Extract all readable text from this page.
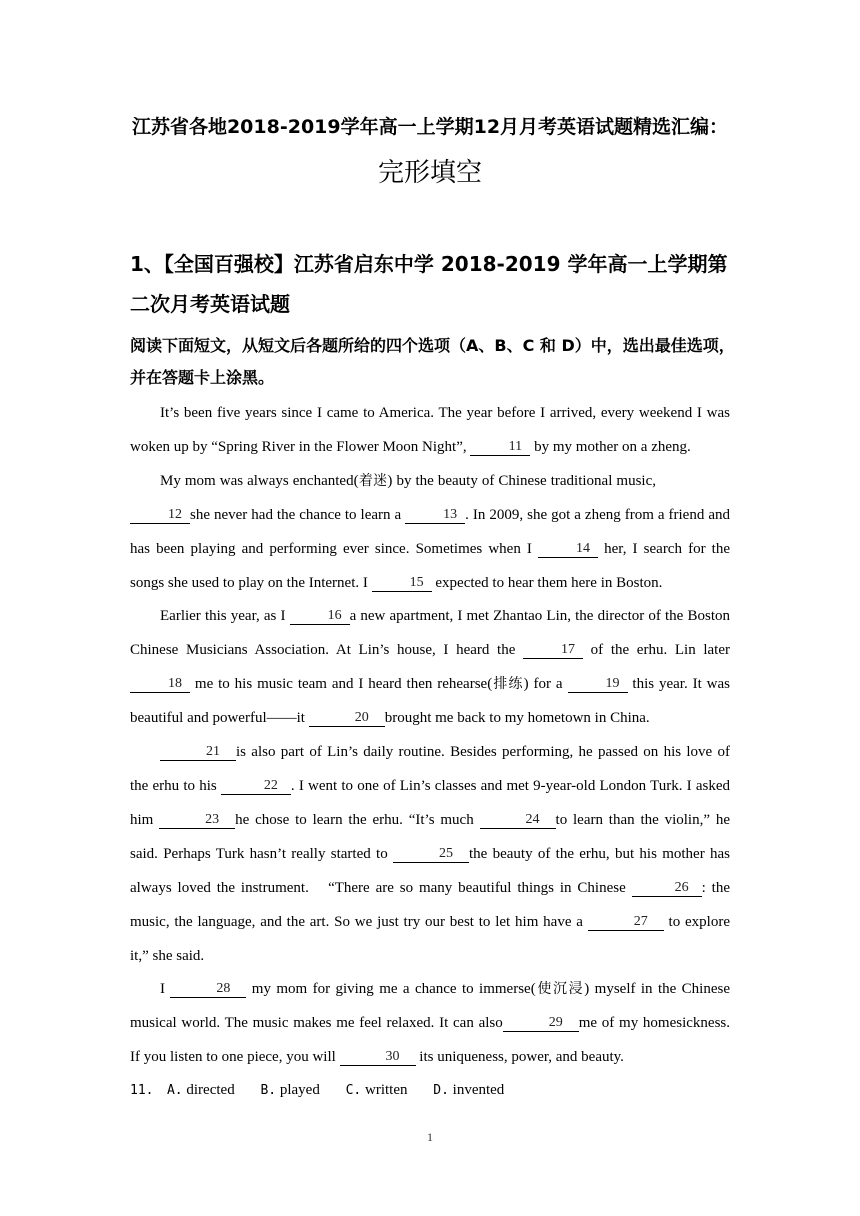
江苏省各地2018-2019学年高一上学期12月月考英语试题精选汇编：
完形填空
1、【全国百强校】江苏省启东中学 2018-2019 学年高一上学期第二次月考英语试题
阅读下面短文，从短文后各题所给的四个选项（A、B、C 和 D）中，选出最佳选项，并在答题卡上涂黑。

It’s been five years since I came to America. The year before I arrived, every weekend I was woken up by “Spring River in the Flower Moon Night”,	11 by my mother on a zheng.

My mom was always enchanted(着迷) by the beauty of Chinese traditional music, 12 she never had the chance to learn a	13 . In 2009, she got a zheng from a friend and has been playing and performing ever since. Sometimes when I	14 her, I search for the songs she used to play on the Internet. I	15 expected to hear them here in Boston.

Earlier this year, as I	16 a new apartment, I met Zhantao Lin, the director of the Boston Chinese Musicians Association. At Lin’s house, I heard the	17 of the erhu. Lin later 18 me to his music team and I heard then rehearse(排练) for a	19 this year. It was beautiful and powerful——it	20 brought me back to my hometown in China.

21 is also part of Lin’s daily routine. Besides performing, he passed on his love of the erhu to his	22 . I went to one of Lin’s classes and met 9-year-old London Turk. I asked him	23 he chose to learn the erhu. “It’s much	24 to learn than the violin,” he said. Perhaps Turk hasn’t really started to	25 the beauty of the erhu, but his mother has always loved the instrument.　“There are so many beautiful things in Chinese	26 : the music, the language, and the art. So we just try our best to let him have a	27 to explore it,” she said.

I	28 my mom for giving me a chance to immerse(使沉浸) myself in the Chinese musical world. The music makes me feel relaxed. It can also	29 me of my homesickness. If you listen to one piece, you will	30 its uniqueness, power, and beauty.

11. A. directed B. played C. written D. invented
1
